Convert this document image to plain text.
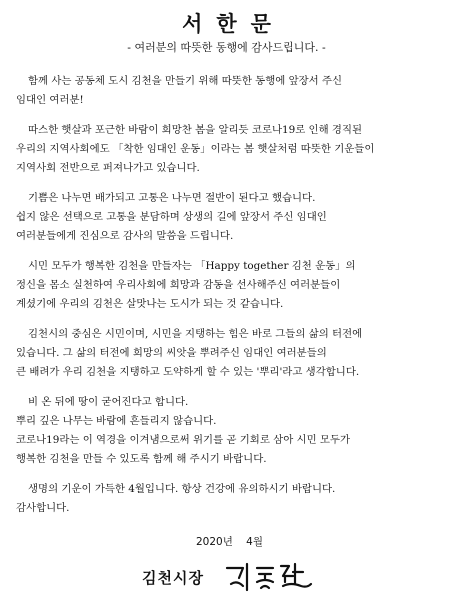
서한문
- 여러분의 따뜻한 동행에 감사드립니다. -
함께 사는 공동체 도시 김천을 만들기 위해 따뜻한 동행에 앞장서 주신
임대인 여러분!
따스한 햇살과 포근한 바람이 희망찬 봄을 알리듯 코로나19로 인해 경직된
우리의 지역사회에도 「착한 임대인 운동」이라는 봄 햇살처럼 따뜻한 기운들이
지역사회 전반으로 퍼져나가고 있습니다.
기쁨은 나누면 배가되고 고통은 나누면 절반이 된다고 했습니다.
쉽지 않은 선택으로 고통을 분담하며 상생의 길에 앞장서 주신 임대인
여러분들에게 진심으로 감사의 말씀을 드립니다.
시민 모두가 행복한 김천을 만들자는 「Happy together 김천 운동」의
정신을 몸소 실천하여 우리사회에 희망과 감동을 선사해주신 여러분들이
계셨기에 우리의 김천은 살맛나는 도시가 되는 것 같습니다.
김천시의 중심은 시민이며, 시민을 지탱하는 힘은 바로 그들의 삶의 터전에
있습니다. 그 삶의 터전에 희망의 씨앗을 뿌려주신 임대인 여러분들의
큰 배려가 우리 김천을 지탱하고 도약하게 할 수 있는 '뿌리'라고 생각합니다.
비 온 뒤에 땅이 굳어진다고 합니다.
뿌리 깊은 나무는 바람에 흔들리지 않습니다.
코로나19라는 이 역경을 이겨냄으로써 위기를 곧 기회로 삼아 시민 모두가
행복한 김천을 만들 수 있도록 함께 해 주시기 바랍니다.
생명의 기운이 가득한 4월입니다. 항상 건강에 유의하시기 바랍니다.
감사합니다.
2020년 4월
김천시장
